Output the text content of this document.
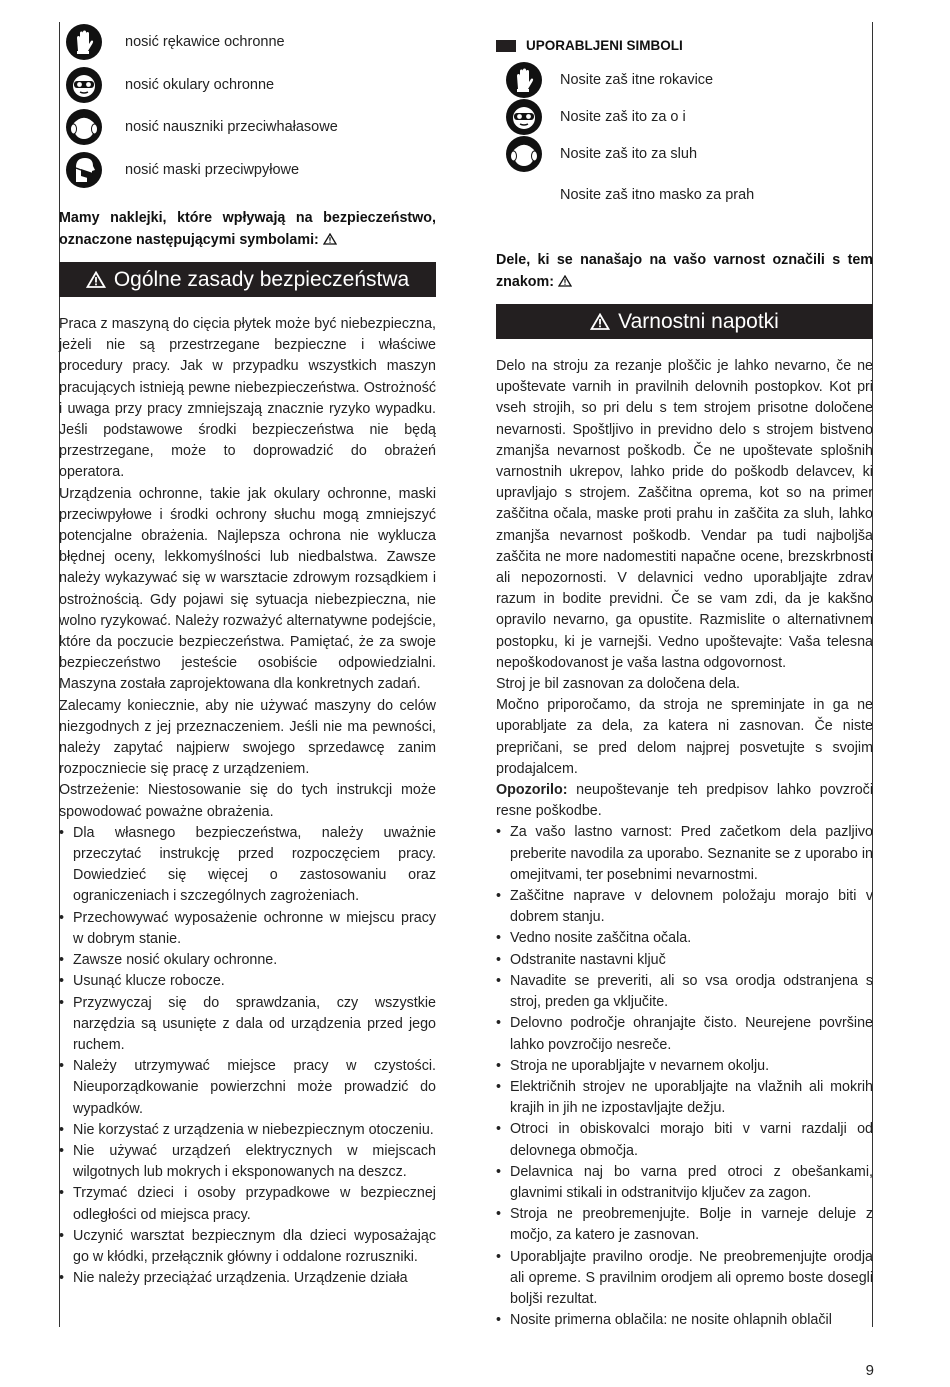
nosić rękawice ochronne
nosić okulary ochronne
nosić nauszniki przeciwhałasowe
nosić maski przeciwpyłowe
Mamy naklejki, które wpływają na bezpieczeństwo, oznaczone następującymi symbolami:
Ogólne zasady bezpieczeństwa

Praca z maszyną do cięcia płytek może być niebezpieczna, jeżeli nie są przestrzegane bezpieczne i właściwe procedury pracy. Jak w przypadku wszystkich maszyn pracujących istnieją pewne niebezpieczeństwa. Ostrożność i uwaga przy pracy zmniejszają znacznie ryzyko wypadku. Jeśli podstawowe środki bezpieczeństwa nie będą przestrzegane, może to doprowadzić do obrażeń operatora.

Urządzenia ochronne, takie jak okulary ochronne, maski przeciwpyłowe i środki ochrony słuchu mogą zmniejszyć potencjalne obrażenia. Najlepsza ochrona nie wyklucza błędnej oceny, lekkomyślności lub niedbalstwa. Zawsze należy wykazywać się w warsztacie zdrowym rozsądkiem i ostrożnością. Gdy pojawi się sytuacja niebezpieczna, nie wolno ryzykować. Należy rozważyć alternatywne podejście, które da poczucie bezpieczeństwa. Pamiętać, że za swoje bezpieczeństwo jesteście osobiście odpowiedzialni. Maszyna została zaprojektowana dla konkretnych zadań.

Zalecamy koniecznie, aby nie używać maszyny do celów niezgodnych z jej przeznaczeniem. Jeśli nie ma pewności, należy zapytać najpierw swojego sprzedawcę zanim rozpoczniecie się pracę z urządzeniem.

Ostrzeżenie: Niestosowanie się do tych instrukcji może spowodować poważne obrażenia.

• Dla własnego bezpieczeństwa, należy uważnie przeczytać instrukcję przed rozpoczęciem pracy. Dowiedzieć się więcej o zastosowaniu oraz ograniczeniach i szczególnych zagrożeniach.
• Przechowywać wyposażenie ochronne w miejscu pracy w dobrym stanie.
• Zawsze nosić okulary ochronne.
• Usunąć klucze robocze.
• Przyzwyczaj się do sprawdzania, czy wszystkie narzędzia są usunięte z dala od urządzenia przed jego ruchem.
• Należy utrzymywać miejsce pracy w czystości. Nieuporządkowanie powierzchni może prowadzić do wypadków.
• Nie korzystać z urządzenia w niebezpiecznym otoczeniu.
• Nie używać urządzeń elektrycznych w miejscach wilgotnych lub mokrych i eksponowanych na deszcz.
• Trzymać dzieci i osoby przypadkowe w bezpiecznej odległości od miejsca pracy.
• Uczynić warsztat bezpiecznym dla dzieci wyposażając go w kłódki, przełącznik główny i oddalone rozruszniki.
• Nie należy przeciążać urządzenia. Urządzenie działa
UPORABLJENI SIMBOLI
Nosite zaš itne rokavice
Nosite zaš ito za o i
Nosite zaš ito za sluh
Nosite zaš itno masko za prah
Dele, ki se nanašajo na vašo varnost označili s tem znakom:
Varnostni napotki

Delo na stroju za rezanje ploščic je lahko nevarno, če ne upoštevate varnih in pravilnih delovnih postopkov. Kot pri vseh strojih, so pri delu s tem strojem prisotne določene nevarnosti. Spoštljivo in previdno delo s strojem bistveno zmanjša nevarnost poškodb. Če ne upoštevate splošnih varnostnih ukrepov, lahko pride do poškodb delavcev, ki upravljajo s strojem. Zaščitna oprema, kot so na primer zaščitna očala, maske proti prahu in zaščita za sluh, lahko zmanjša nevarnost poškodb. Vendar pa tudi najboljša zaščita ne more nadomestiti napačne ocene, brezskrbnosti ali nepozornosti. V delavnici vedno uporabljajte zdrav razum in bodite previdni. Če se vam zdi, da je kakšno opravilo nevarno, ga opustite. Razmislite o alternativnem postopku, ki je varnejši. Vedno upoštevajte: Vaša telesna nepoškodovanost je vaša lastna odgovornost.

Stroj je bil zasnovan za določena dela.

Močno priporočamo, da stroja ne spreminjate in ga ne uporabljate za dela, za katera ni zasnovan. Če niste prepričani, se pred delom najprej posvetujte s svojim prodajalcem.

Opozorilo: neupoštevanje teh predpisov lahko povzroči resne poškodbe.

• Za vašo lastno varnost: Pred začetkom dela pazljivo preberite navodila za uporabo. Seznanite se z uporabo in omejitvami, ter posebnimi nevarnostmi.
• Zaščitne naprave v delovnem položaju morajo biti v dobrem stanju.
• Vedno nosite zaščitna očala.
• Odstranite nastavni ključ
• Navadite se preveriti, ali so vsa orodja odstranjena s stroj, preden ga vključite.
• Delovno področje ohranjajte čisto. Neurejene površine lahko povzročijo nesreče.
• Stroja ne uporabljajte v nevarnem okolju.
• Električnih strojev ne uporabljajte na vlažnih ali mokrih krajih in jih ne izpostavljajte dežju.
• Otroci in obiskovalci morajo biti v varni razdalji od delovnega območja.
• Delavnica naj bo varna pred otroci z obešankami, glavnimi stikali in odstranitvijo ključev za zagon.
• Stroja ne preobremenjujte. Bolje in varneje deluje z močjo, za katero je zasnovan.
• Uporabljajte pravilno orodje. Ne preobremenjujte orodja ali opreme. S pravilnim orodjem ali opremo boste dosegli boljši rezultat.
• Nosite primerna oblačila: ne nosite ohlapnih oblačil
9
